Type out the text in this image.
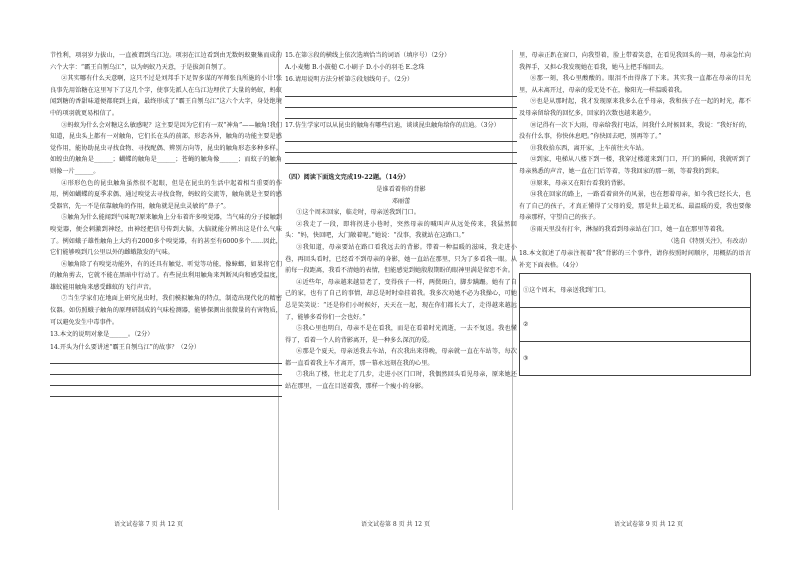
节性利，项羽岁力拔山，一直被谓到乌江边。项羽在江边看到由无数蚂蚁聚集而成的六个大字：“霸王自刎乌江”，以为蚂蚁乃天意，于是拔剑自刎了。

②其实哪有什么天意啊，这只不过是刘邦手下足智多谋的军师张良所施的小计!张良事先用饴糖在这里写下了这几个字，使事先派人在乌江边埋伏了大量的蚂蚁，蚂蚁闻到糖的香甜味道便都爬到上面，最终形成了“霸王自刎乌江”这六个大字，身处绝境中的项羽就更易相信了。

③蚂蚁为什么会对糖这么敏感呢？这主要是因为它们有一双“神角”——触角!我们知道，昆虫头上都有一对触角，它们长在头的前部，形态各异，触角的功能主要是感觉作用，能协助昆虫寻找食物、寻找配偶、辨别方向等，昆虫的触角形态多种多样。如蝗虫的触角是______；蝴蝶的触角是______；苍蝇的触角像______；而蚊子的触角则像一片______。

④形形色色的昆虫触角虽然很不起眼，但是在昆虫的生活中起着相当重要的作用，例如蝴蝶的夏季求偶、通过嗅觉去寻找食物，蚂蚁的交流等，触角就是主要的感受器官，先一不是依靠触角的作用，触角就是昆虫灵敏的“鼻子”。

⑤触角为什么能闻到气味呢?原来触角上分布着许多嗅觉器，当气味的分子接触到嗅觉器，便会刺激到神经，由神经把信号传到大脑，大脑就能分辨出这是什么气味了。例如蛾子雄性触角上大约有2000多个嗅觉器，有的甚至有6000多个……因此，它们能够嗅到几公里以外的雌蛾散发的气味。

⑥触角除了有嗅觉功能外，有的还具有触觉、听觉等功能，像蟑螂，如果将它们的触角剪去，它就不能在黑暗中行动了。有些昆虫利用触角来判断风向和感受温度，雄蚊能用触角来感受雌蚊的飞行声音。

⑦当生学家们在地面上研究昆虫时，我们模拟触角的特点，制造出现代化的精密仪器。如仿照蛾子触角的原理研制成的气味检测器，能够探测出很微量的有害物质，可以避免发生中毒事件。

13.本文的说明对象是______。（2分）

14.开头为什么要讲述“霸王自刎乌江”的故事？（2分）

15.在第③段的横线上依次选填恰当的词语（填序号）（2分）

A.小麦穗 B.小鼓槌 C.小刷子 D.小小的羽毛 E.念珠

16.请用说明方法分析第⑤段划线句子。（2分）

17.仿生学家可以从昆虫的触角有哪些启迪，谈谈昆虫触角给你的启迪。（3分）

（四）阅读下面选文完成19-22题。（14分）

是谁看着你的背影

邓丽蕾

①这个周末回家，临走时，母亲送我到门口。

②我走了一段，即将拐进小巷时，突然母亲的喊叫声从远处传来，我猛然回头：“妈，快回吧，大门敞着呢。”她说：“没事，我就站在这路口。”

③我知道，母亲要站在路口看我远去的背影。带着一种温暖的滋味，我走进小巷，再回头看时，已经看不到母亲的身影，她一直站在那里，只为了多看我一眼。从前每一段距离，我看不清她的表情，但能感觉到她殷殷期盼的眼神里满是留恋不舍。

④近些年，母亲越来越显老了，变得孩子一样，两鬓斑白，脚步蹒跚。她有了自己的家，也有了自己的事情，却总是时时牵挂着我。我多次劝她不必为我操心，可她总是笑笑说：“还是你们小时候好，天天在一起，现在你们都长大了，走得越来越远了，能够多看你们一会也好。”

⑤我心里也明白，母亲不是在看我，而是在看着时光流逝，一去不复返。我也懂得了，看着一个人的背影离开，是一种多么深沉的爱。

⑥那是个夏天，母亲送我去车站，有次我出来得晚，母亲就一直在车站等，每次都一直看着我上车才离开，那一幕永远刻在我的心里。

⑦我出了楼，往北走了几步，走进小区门口时，我偶然回头看见母亲，原来她还站在那里，一直在目送着我，那样一个瘦小的身影。

里，母亲正趴在窗口，向我望着，脸上带着笑意，在看见我回头的一刻，母亲急忙向我挥手，又担心我发现她在看我，她马上把手缩回去。

⑧那一刻，我心里酸酸的。眼泪不由得落了下来。其实我一直都在母亲的目光里，从未离开过，母亲的爱无处不在，像阳光一样温暖着我。

⑨也是从那时起，我才发现原来我多么在乎母亲，我和孩子在一起的时光，都不及母亲留给我的回忆多，回家的次数也越来越少。

⑩记得有一次下大雨，母亲给我打电话，问我什么时候回来，我说：“我好好的，没有什么事，你快休息吧。”你快回去吧，别再等了。”

⑪我收拾东西，离开家，上车前往火车站。

⑫到家，电梯从八楼下到一楼，我穿过楼道来到门口，开门的瞬间，我就听到了母亲熟悉的声音，她一直在门后等着，等我回家的那一刻，等着我的到来。

⑬原来，母亲又在阳台看我的背影。

⑭我在回家的路上，一路看着窗外的风景，也在想着母亲，如今我已经长大，也有了自己的孩子，才真正懂得了父母的爱，那是世上最无私、最温暖的爱，我也要像母亲那样，守望自己的孩子。

⑮雨天里没有打伞，淋湿的我看到母亲站在门口，她一直在那里等着我。

（选自《特别关注》，有改动）

18.本文叙述了母亲注视着“我”背影的三个事件，请你按照时间顺序，用概括的语言补充下面表格。（4分）

①这个周末，母亲送我到门口。
②
③
语文试卷第 7 页 共 12 页	语文试卷第 8 页 共 12 页	语文试卷第 9 页 共 12 页
